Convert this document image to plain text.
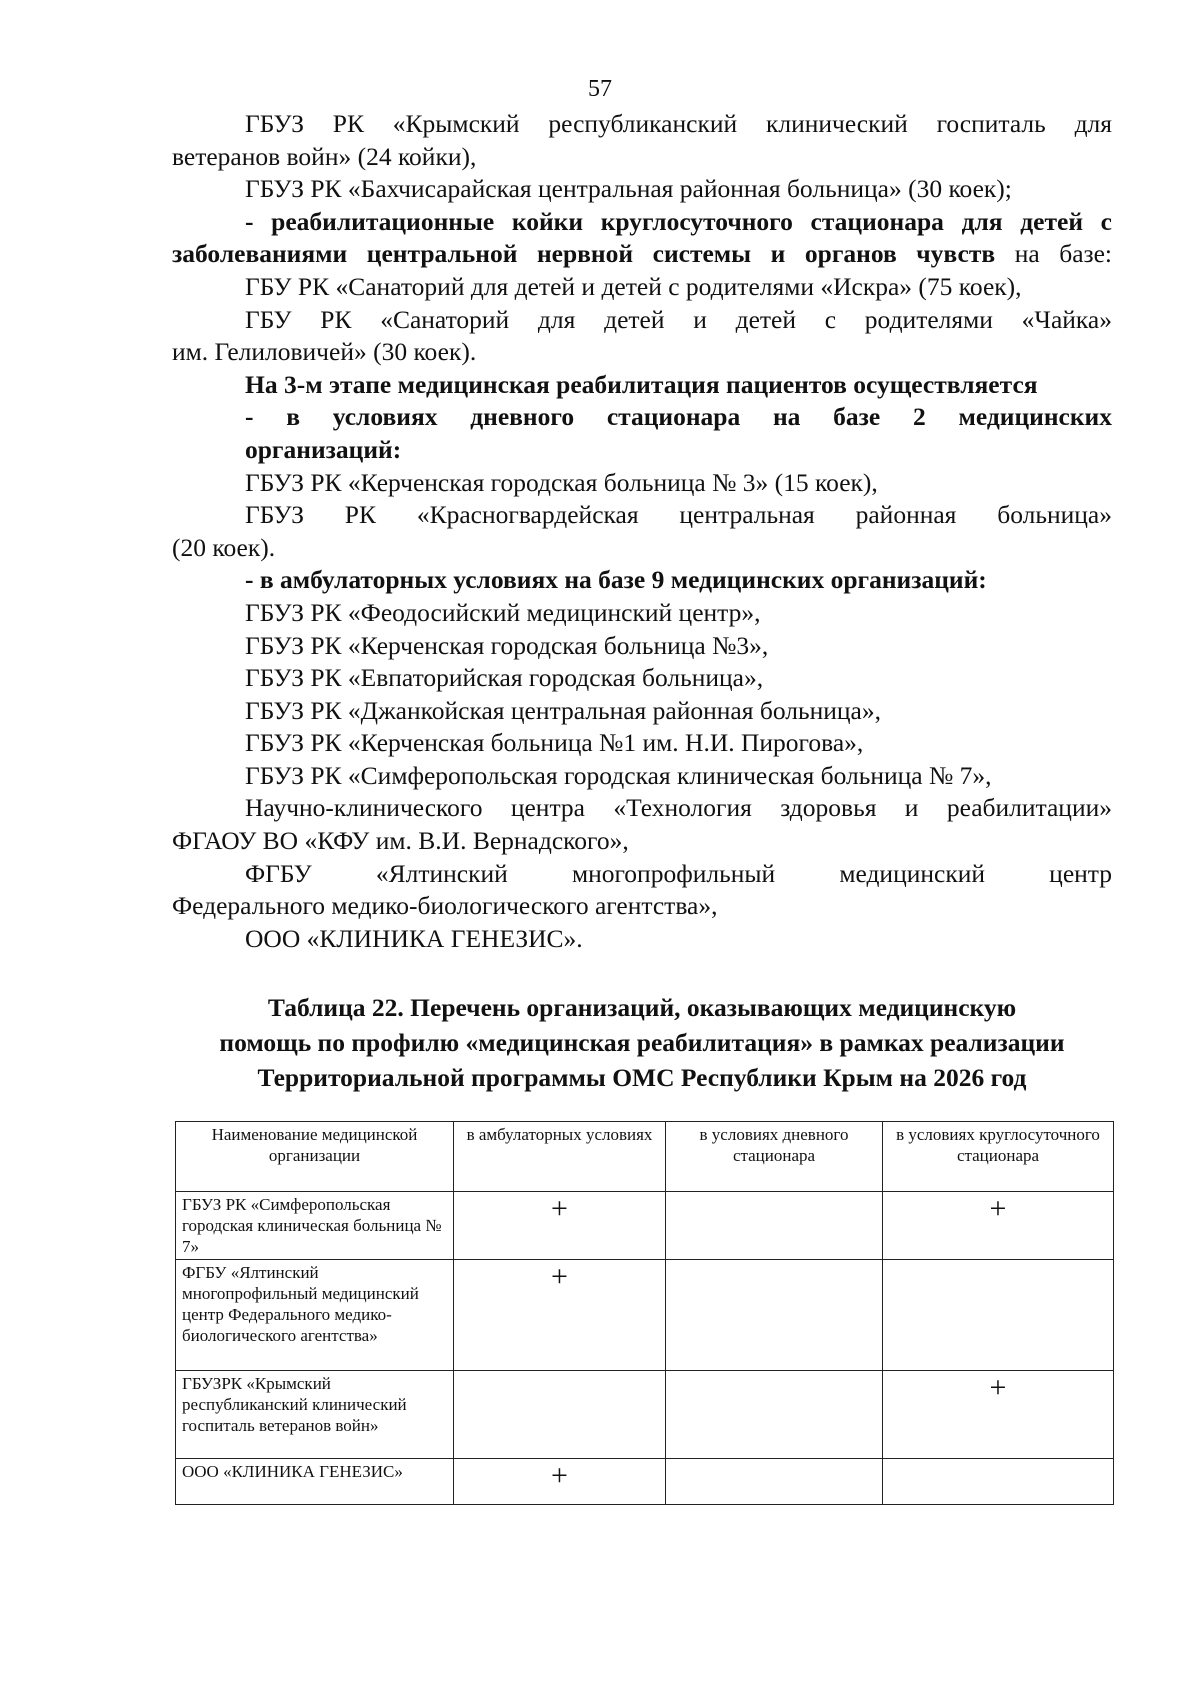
57
ГБУЗ РК «Крымский республиканский клинический госпиталь для
ветеранов войн» (24 койки),
ГБУЗ РК «Бахчисарайская центральная районная больница» (30 коек);
- реабилитационные койки круглосуточного стационара для детей с
заболеваниями центральной нервной системы и органов чувств на базе:
ГБУ РК «Санаторий для детей и детей с родителями «Искра» (75 коек),
ГБУ РК «Санаторий для детей и детей с родителями «Чайка»
им. Гелиловичей» (30 коек).
На 3-м этапе медицинская реабилитация пациентов осуществляется
- в условиях дневного стационара на базе 2 медицинских
организаций:
ГБУЗ РК «Керченская городская больница № 3» (15 коек),
ГБУЗ РК «Красногвардейская центральная районная больница»
(20 коек).
- в амбулаторных условиях на базе 9 медицинских организаций:
ГБУЗ РК «Феодосийский медицинский центр»,
ГБУЗ РК «Керченская городская больница №3»,
ГБУЗ РК «Евпаторийская городская больница»,
ГБУЗ РК «Джанкойская центральная районная больница»,
ГБУЗ РК «Керченская больница №1 им. Н.И. Пирогова»,
ГБУЗ РК «Симферопольская городская клиническая больница № 7»,
Научно-клинического центра «Технология здоровья и реабилитации»
ФГАОУ ВО «КФУ им. В.И. Вернадского»,
ФГБУ «Ялтинский многопрофильный медицинский центр
Федерального медико-биологического агентства»,
ООО «КЛИНИКА ГЕНЕЗИС».
Таблица 22. Перечень организаций, оказывающих медицинскую
помощь по профилю «медицинская реабилитация» в рамках реализации
Территориальной программы ОМС Республики Крым на 2026 год
Наименование медицинской организации	в амбулаторных условиях	в условиях дневного стационара	в условиях круглосуточного стационара
ГБУЗ РК «Симферопольская городская клиническая больница № 7»	+		+
ФГБУ «Ялтинский многопрофильный медицинский центр Федерального медико-биологического агентства»	+		
ГБУЗРК «Крымский республиканский клинический госпиталь ветеранов войн»			+
ООО «КЛИНИКА ГЕНЕЗИС»	+		
